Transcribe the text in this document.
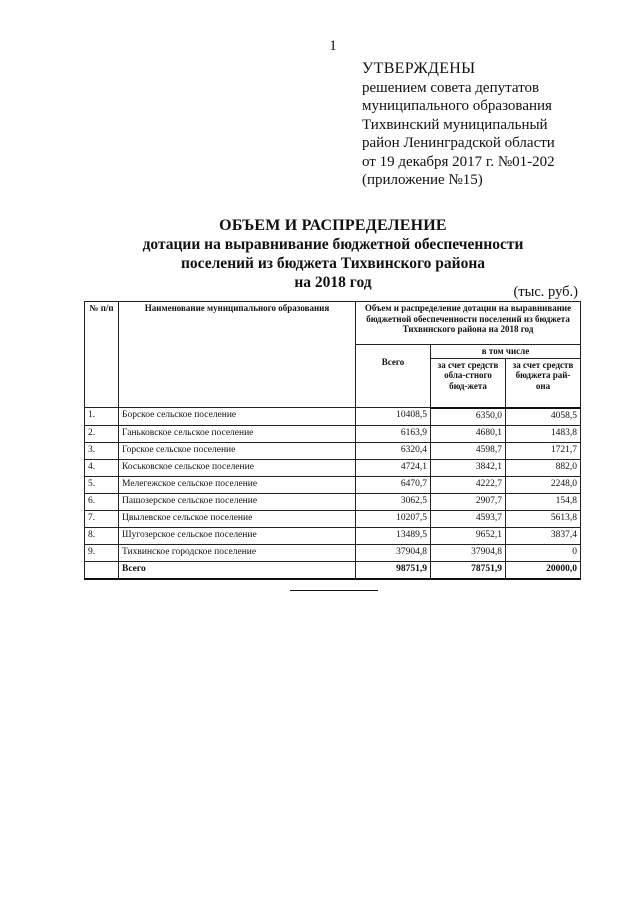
1
УТВЕРЖДЕНЫ
решением совета депутатов
муниципального образования
Тихвинский муниципальный
район Ленинградской области
от 19 декабря 2017 г. №01-202
(приложение №15)
ОБЪЕМ И РАСПРЕДЕЛЕНИЕ
дотации на выравнивание бюджетной обеспеченности
поселений из бюджета Тихвинского района
на 2018 год
(тыс. руб.)
№ п/п	Наименование муниципального образования	Объем и распределение дотации на выравнивание бюджетной обеспеченности поселений из бюджета Тихвинского района на 2018 год		
		Всего	в том числе	
			за счет средств обла-стного бюд-жета	за счет средств бюджета рай-она
1.	Борское сельское поселение	10408,5	6350,0	4058,5
2.	Ганьковское сельское поселение	6163,9	4680,1	1483,8
3.	Горское сельское поселение	6320,4	4598,7	1721,7
4.	Коськовское сельское поселение	4724,1	3842,1	882,0
5.	Мелегежское сельское поселение	6470,7	4222,7	2248,0
6.	Пашозерское сельское поселение	3062,5	2907,7	154,8
7.	Цвылевское сельское поселение	10207,5	4593,7	5613,8
8.	Шугозерское сельское поселение	13489,5	9652,1	3837,4
9.	Тихвинское городское поселение	37904,8	37904,8	0
	Всего	98751,9	78751,9	20000,0
